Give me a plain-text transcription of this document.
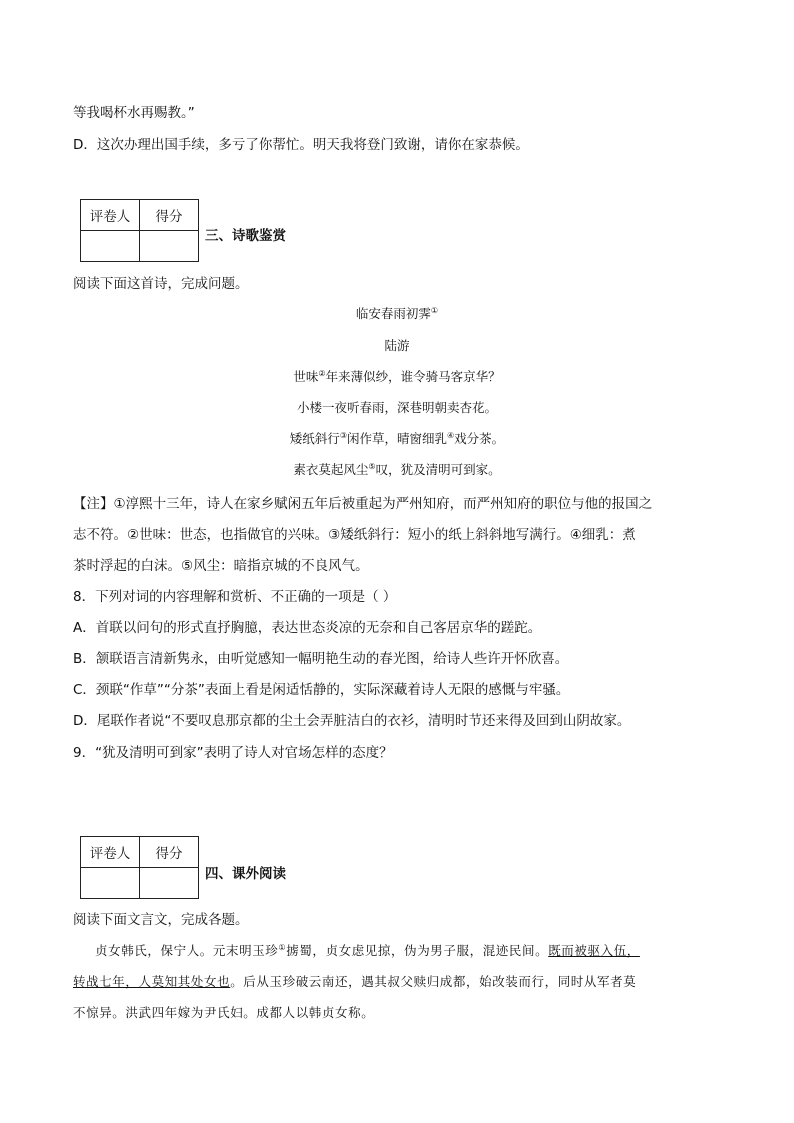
等我喝杯水再赐教。”
D．这次办理出国手续，多亏了你帮忙。明天我将登门致谢，请你在家恭候。
评卷人	得分

三、诗歌鉴赏
阅读下面这首诗，完成问题。
临安春雨初霁①
陆游
世味②年来薄似纱，谁令骑马客京华？
小楼一夜听春雨，深巷明朝卖杏花。
矮纸斜行③闲作草，晴窗细乳④戏分茶。
素衣莫起风尘⑤叹，犹及清明可到家。
【注】①淳熙十三年，诗人在家乡赋闲五年后被重起为严州知府，而严州知府的职位与他的报国之
志不符。②世味：世态，也指做官的兴味。③矮纸斜行：短小的纸上斜斜地写满行。④细乳：煮
茶时浮起的白沫。⑤风尘：暗指京城的不良风气。
8．下列对词的内容理解和赏析、不正确的一项是（ ）
A．首联以问句的形式直抒胸臆，表达世态炎凉的无奈和自己客居京华的蹉跎。
B．颔联语言清新隽永，由听觉感知一幅明艳生动的春光图，给诗人些许开怀欣喜。
C．颈联“作草”“分茶”表面上看是闲适恬静的，实际深藏着诗人无限的感慨与牢骚。
D．尾联作者说“不要叹息那京都的尘土会弄脏洁白的衣衫，清明时节还来得及回到山阴故家。
9．“犹及清明可到家”表明了诗人对官场怎样的态度？
评卷人	得分

四、课外阅读
阅读下面文言文，完成各题。
贞女韩氏，保宁人。元末明玉珍①掳蜀，贞女虑见掠，伪为男子服，混迹民间。既而被驱入伍，
转战七年，人莫知其处女也。后从玉珍破云南还，遇其叔父赎归成都，始改装而行，同时从军者莫
不惊异。洪武四年嫁为尹氏妇。成都人以韩贞女称。
